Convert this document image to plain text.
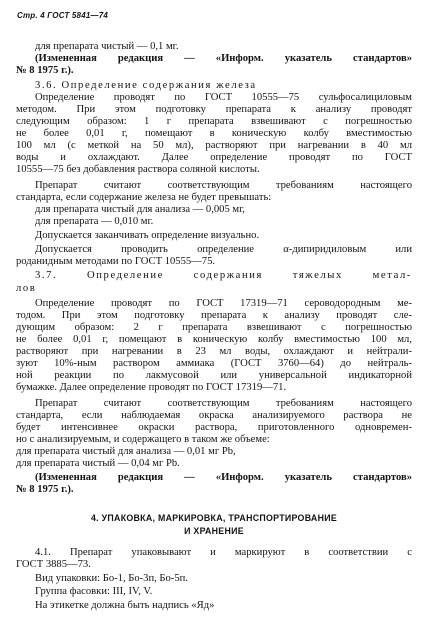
Стр. 4 ГОСТ 5841—74
для препарата чистый — 0,1 мг.
(Измененная редакция — «Информ. указатель стандартов»
№ 8 1975 г.).
3.6. Определение содержания железа
Определение проводят по ГОСТ 10555—75 сульфосалициловым
методом. При этом подготовку препарата к анализу проводят
следующим образом: 1 г препарата взвешивают с погрешностью
не более 0,01 г, помещают в коническую колбу вместимостью
100 мл (с меткой на 50 мл), растворяют при нагревании в 40 мл
воды и охлаждают. Далее определение проводят по ГОСТ
10555—75 без добавления раствора соляной кислоты.
Препарат считают соответствующим требованиям настоящего
стандарта, если содержание железа не будет превышать:
для препарата чистый для анализа — 0,005 мг,
для препарата — 0,010 мг.
Допускается заканчивать определение визуально.
Допускается проводить определение α-дипиридиловым или
роданидным методами по ГОСТ 10555—75.
3.7. Определение содержания тяжелых метал-
лов
Определение проводят по ГОСТ 17319—71 сероводородным ме-
тодом. При этом подготовку препарата к анализу проводят сле-
дующим образом: 2 г препарата взвешивают с погрешностью
не более 0,01 г, помещают в коническую колбу вместимостью 100 мл,
растворяют при нагревании в 23 мл воды, охлаждают и нейтрали-
зуют 10%-ным раствором аммиака (ГОСТ 3760—64) до нейтраль-
ной реакции по лакмусовой или универсальной индикаторной
бумажке. Далее определение проводят по ГОСТ 17319—71.
Препарат считают соответствующим требованиям настоящего
стандарта, если наблюдаемая окраска анализируемого раствора не
будет интенсивнее окраски раствора, приготовленного одновремен-
но с анализируемым, и содержащего в таком же объеме:
для препарата чистый для анализа — 0,01 мг Pb,
для препарата чистый — 0,04 мг Pb.
(Измененная редакция — «Информ. указатель стандартов»
№ 8 1975 г.).
4. УПАКОВКА, МАРКИРОВКА, ТРАНСПОРТИРОВАНИЕ
И ХРАНЕНИЕ
4.1. Препарат упаковывают и маркируют в соответствии с
ГОСТ 3885—73.
Вид упаковки: Бо-1, Бо-3п, Бо-5п.
Группа фасовки: III, IV, V.
На этикетке должна быть надпись «Яд»
